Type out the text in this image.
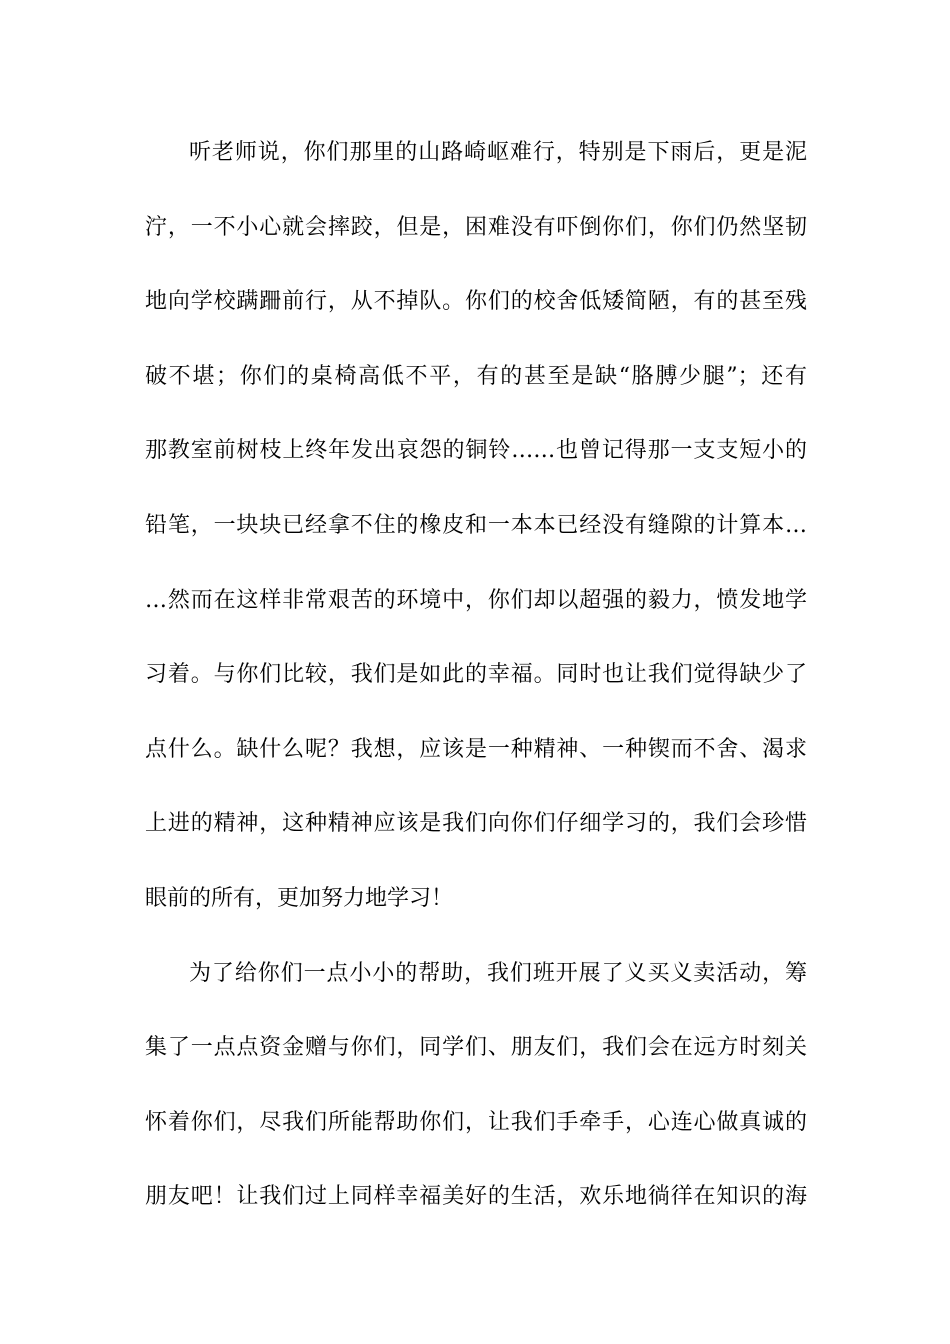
听老师说，你们那里的山路崎岖难行，特别是下雨后，更是泥
泞，一不小心就会摔跤，但是，困难没有吓倒你们，你们仍然坚韧
地向学校蹒跚前行，从不掉队。你们的校舍低矮简陋，有的甚至残
破不堪；你们的桌椅高低不平，有的甚至是缺“胳膊少腿”；还有
那教室前树枝上终年发出哀怨的铜铃……也曾记得那一支支短小的
铅笔，一块块已经拿不住的橡皮和一本本已经没有缝隙的计算本…
…然而在这样非常艰苦的环境中，你们却以超强的毅力，愤发地学
习着。与你们比较，我们是如此的幸福。同时也让我们觉得缺少了
点什么。缺什么呢？我想，应该是一种精神、一种锲而不舍、渴求
上进的精神，这种精神应该是我们向你们仔细学习的，我们会珍惜
眼前的所有，更加努力地学习！
为了给你们一点小小的帮助，我们班开展了义买义卖活动，筹
集了一点点资金赠与你们，同学们、朋友们，我们会在远方时刻关
怀着你们，尽我们所能帮助你们，让我们手牵手，心连心做真诚的
朋友吧！让我们过上同样幸福美好的生活，欢乐地徜徉在知识的海
